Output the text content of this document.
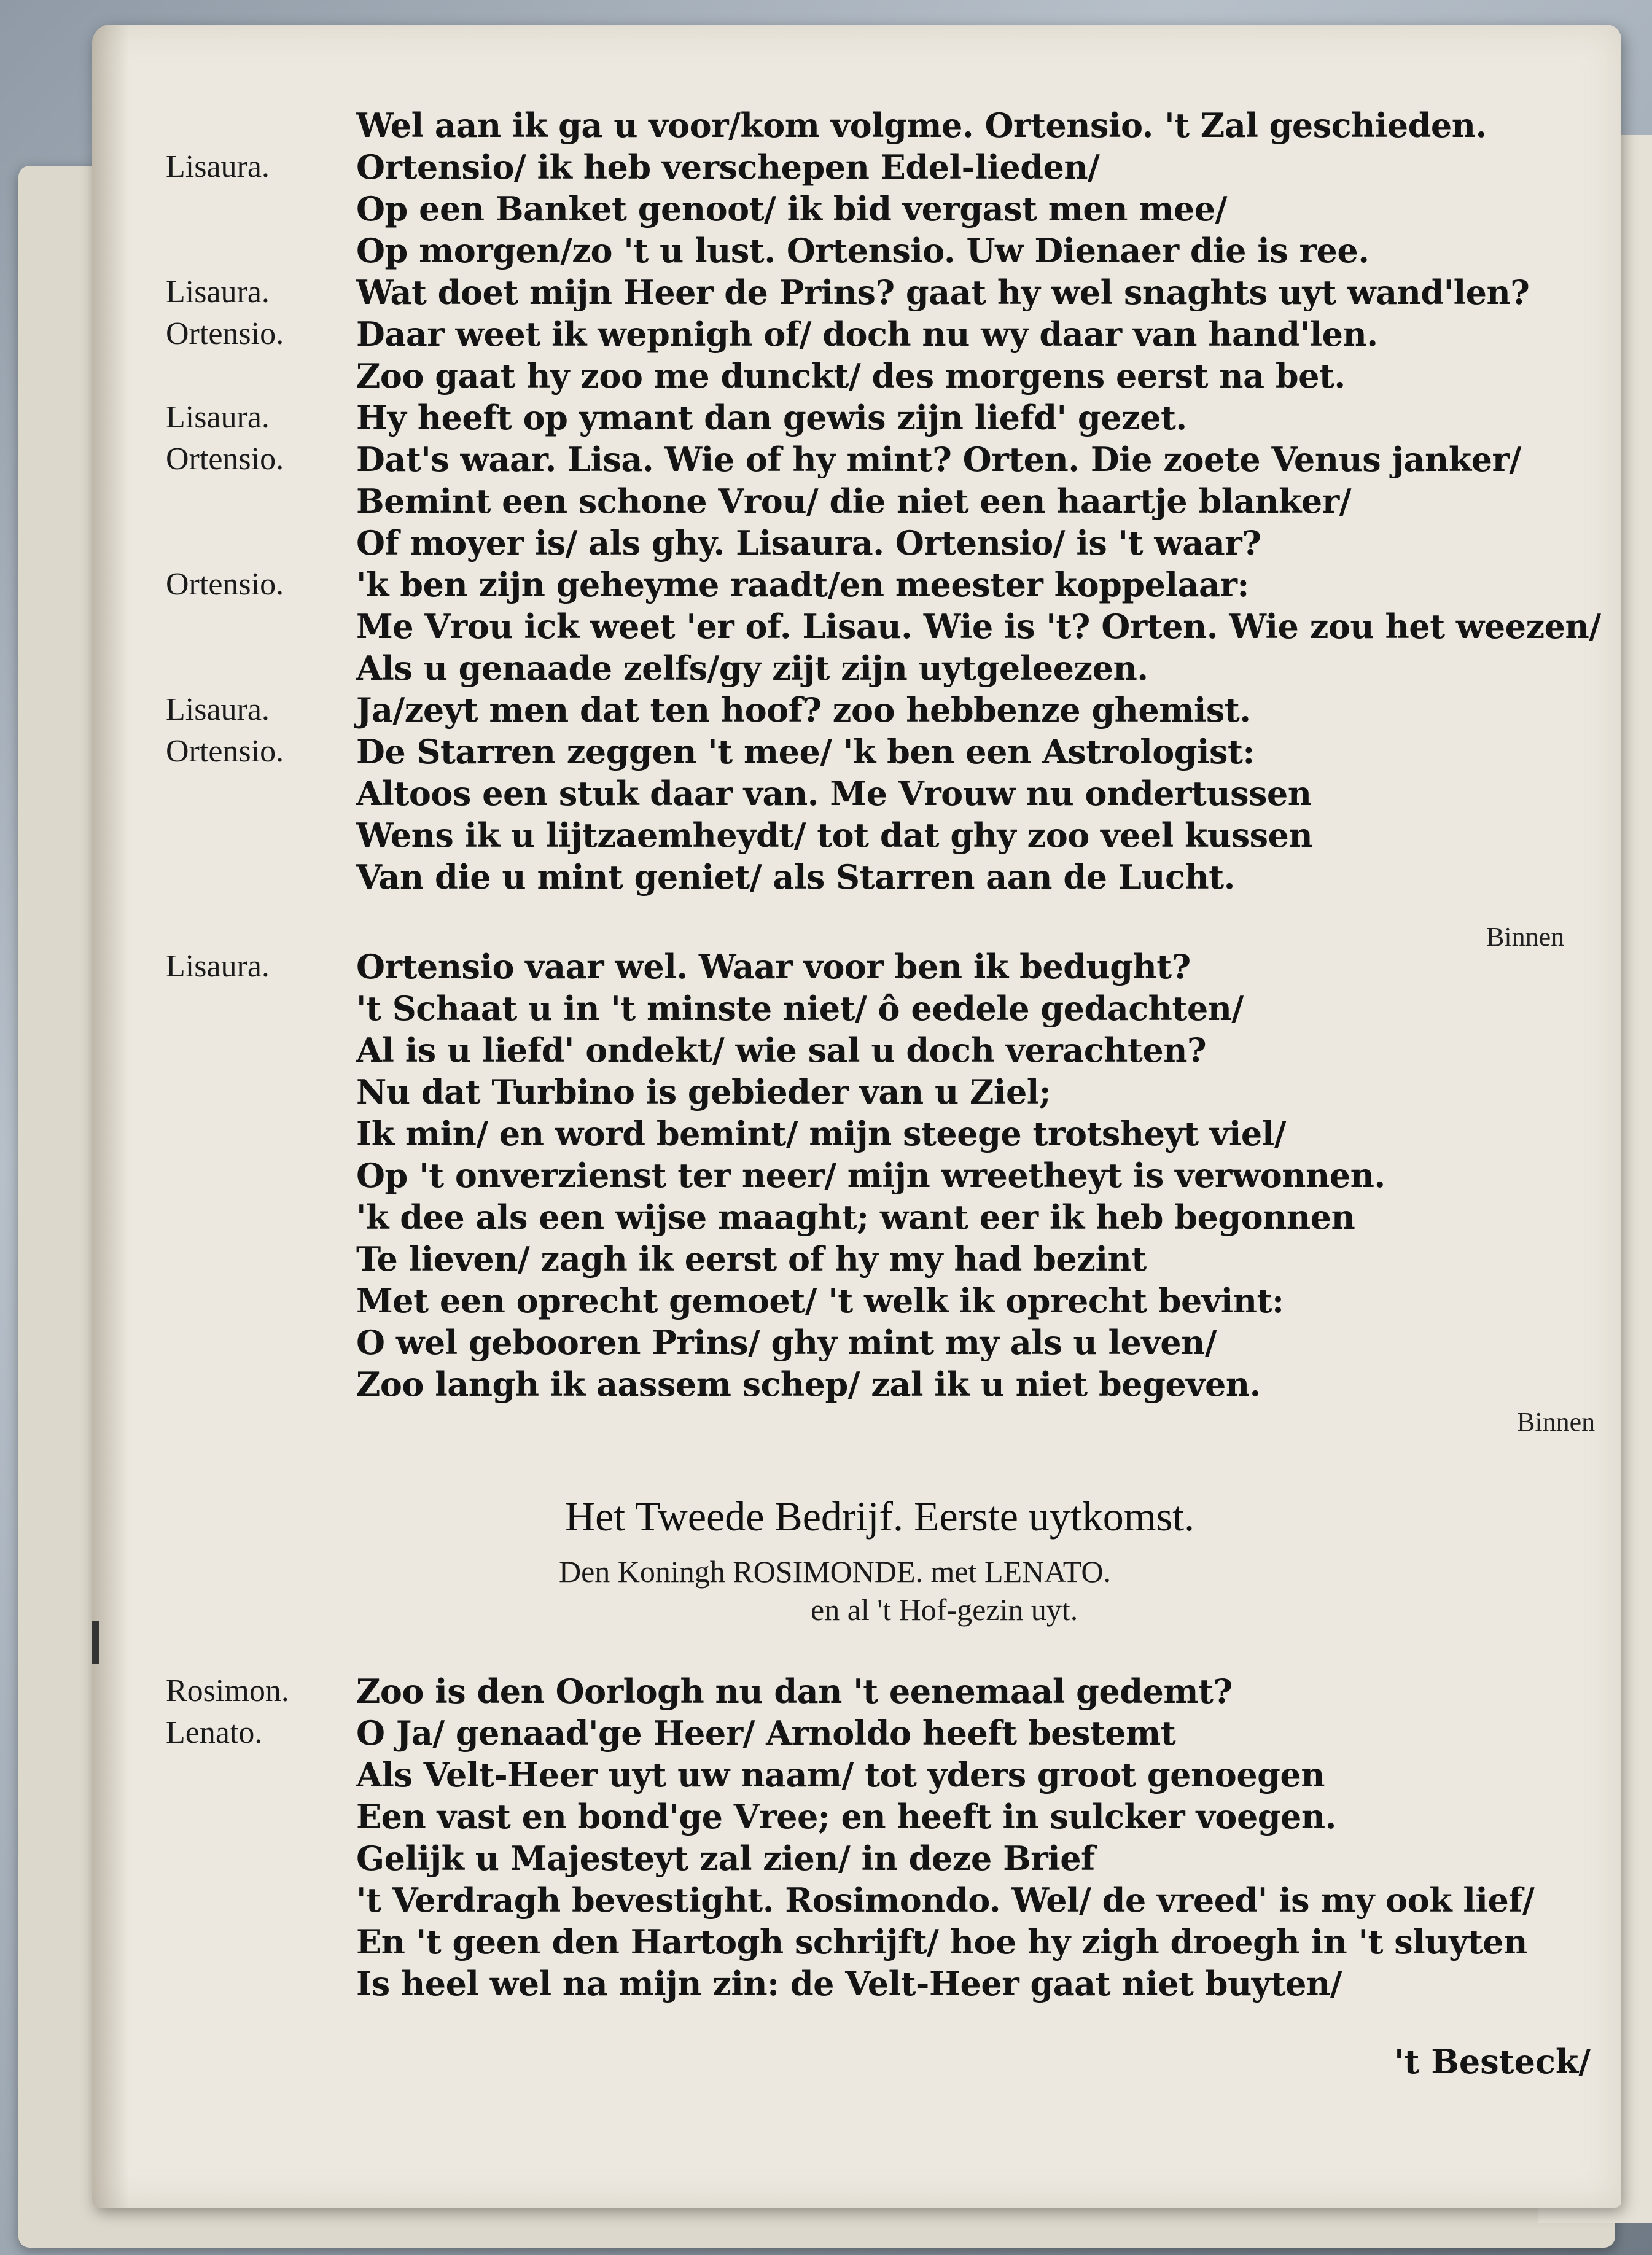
Wel aan ik ga u voor/kom volgme. Ortensio. 't Zal geschieden.
Lisaura.	Ortensio/ ik heb verschepen Edel-lieden/
Op een Banket genoot/ ik bid vergast men mee/
Op morgen/zo 't u lust. Ortensio. Uw Dienaer die is ree.
Lisaura.	Wat doet mijn Heer de Prins? gaat hy wel snaghts uyt wand'len?
Ortensio. Daar weet ik wepnigh of/ doch nu wy daar van hand'len.
Zoo gaat hy zoo me dunckt/ des morgens eerst na bet.
Lisaura.	Hy heeft op ymant dan gewis zijn liefd' gezet.
Ortensio. Dat's waar. Lisa. Wie of hy mint? Orten. Die zoete Venus janker/
Bemint een schone Vrou/ die niet een haartje blanker/
Of moyer is/ als ghy. Lisaura. Ortensio/ is 't waar?
Ortensio. 'k ben zijn geheyme raadt/en meester koppelaar:
Me Vrou ick weet 'er of. Lisau. Wie is 't? Orten. Wie zou het weezen/
Als u genaade zelfs/gy zijt zijn uytgeleezen.
Lisaura.	Ja/zeyt men dat ten hoof? zoo hebbenze ghemist.
Ortensio. De Starren zeggen 't mee/ 'k ben een Astrologist:
Altoos een stuk daar van. Me Vrouw nu ondertussen
Wens ik u lijtzaemheydt/ tot dat ghy zoo veel kussen
Van die u mint geniet/ als Starren aan de Lucht.
Binnen
Lisaura.	Ortensio vaar wel. Waar voor ben ik bedught?
't Schaat u in 't minste niet/ ô eedele gedachten/
Al is u liefd' ondekt/ wie sal u doch verachten?
Nu dat Turbino is gebieder van u Ziel;
Ik min/ en word bemint/ mijn steege trotsheyt viel/
Op 't onverzienst ter neer/ mijn wreetheyt is verwonnen.
'k dee als een wijse maaght; want eer ik heb begonnen
Te lieven/ zagh ik eerst of hy my had bezint
Met een oprecht gemoet/ 't welk ik oprecht bevint:
O wel gebooren Prins/ ghy mint my als u leven/
Zoo langh ik aassem schep/ zal ik u niet begeven.
Binnen
Het Tweede Bedrijf. Eerste uytkomst.
Den Koningh ROSIMONDE. met LENATO.
en al 't Hof-gezin uyt.
Rosimon. Zoo is den Oorlogh nu dan 't eenemaal gedemt?
Lenato.	O Ja/ genaad'ge Heer/ Arnoldo heeft bestemt
Als Velt-Heer uyt uw naam/ tot yders groot genoegen
Een vast en bond'ge Vree; en heeft in sulcker voegen.
Gelijk u Majesteyt zal zien/ in deze Brief
't Verdragh bevestight. Rosimondo. Wel/ de vreed' is my ook lief/
En 't geen den Hartogh schrijft/ hoe hy zigh droegh in 't sluyten
Is heel wel na mijn zin: de Velt-Heer gaat niet buyten/
't Besteck/
